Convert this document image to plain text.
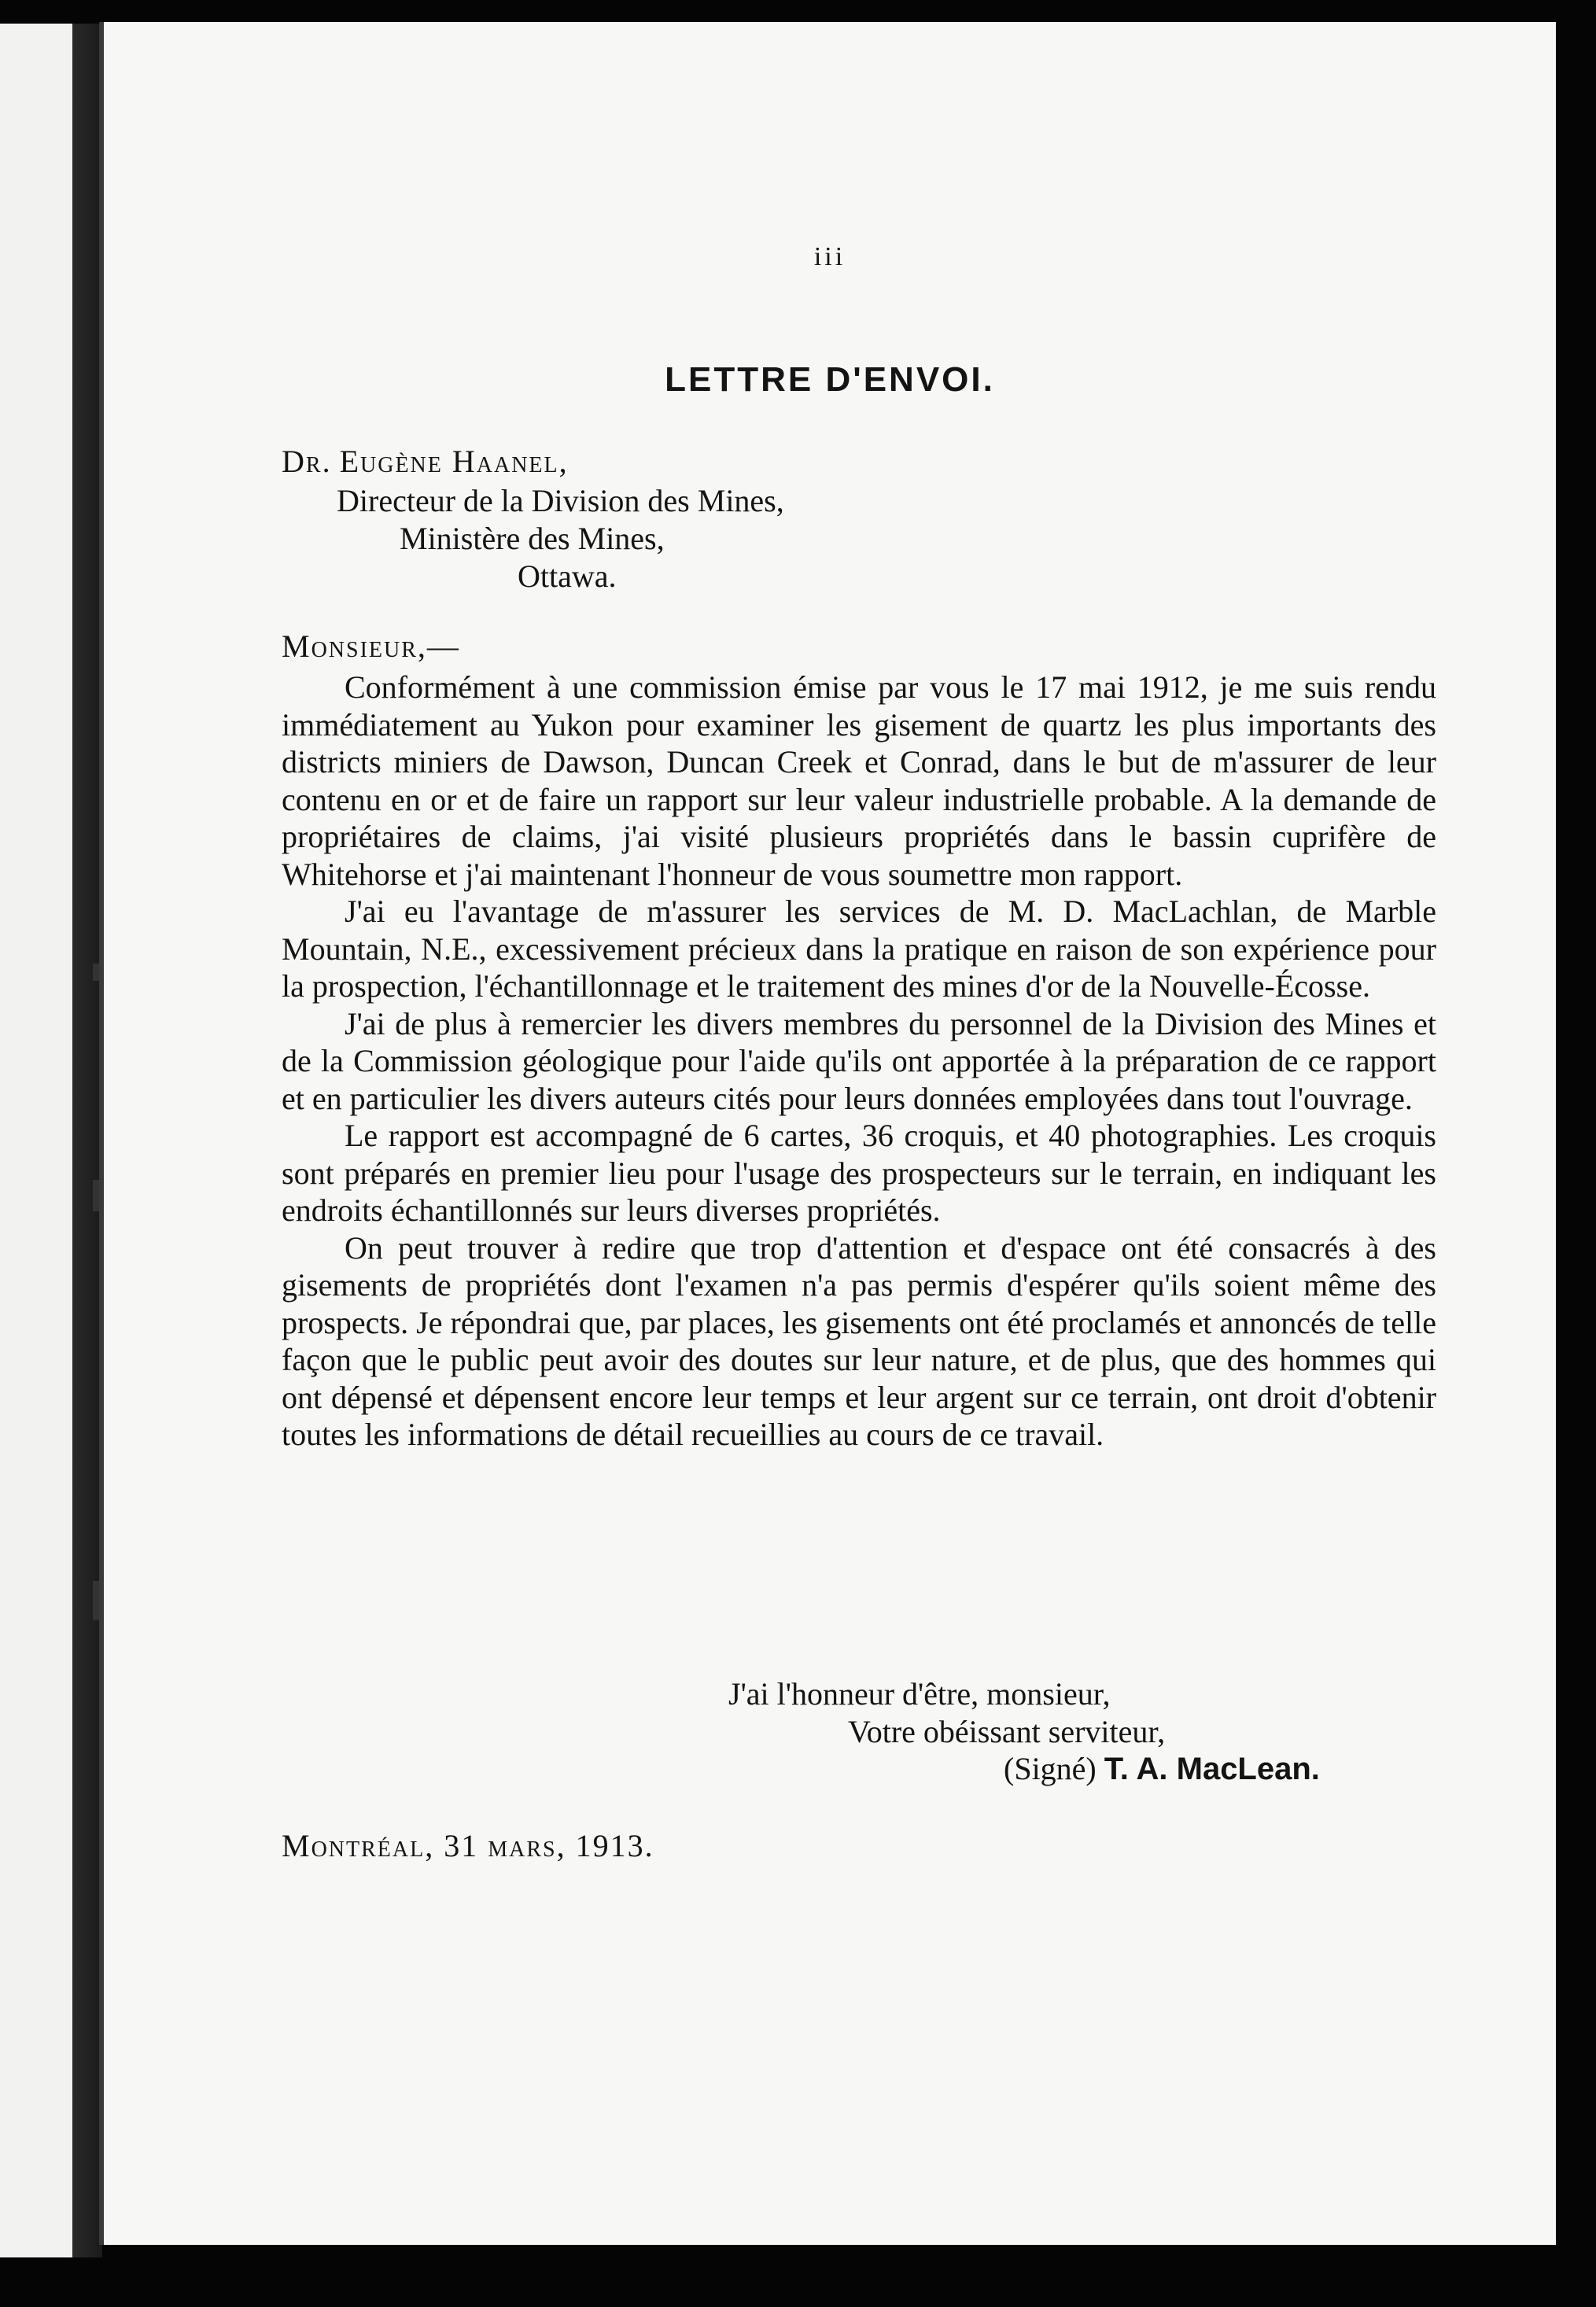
iii
LETTRE D'ENVOI.
Dr. Eugène Haanel,
Directeur de la Division des Mines,
Ministère des Mines,
Ottawa.
Monsieur,—

Conformément à une commission émise par vous le 17 mai 1912, je me suis rendu immédiatement au Yukon pour examiner les gisement de quartz les plus importants des districts miniers de Dawson, Duncan Creek et Conrad, dans le but de m'assurer de leur contenu en or et de faire un rapport sur leur valeur industrielle probable. A la demande de propriétaires de claims, j'ai visité plusieurs propriétés dans le bassin cuprifère de Whitehorse et j'ai maintenant l'honneur de vous soumettre mon rapport.

J'ai eu l'avantage de m'assurer les services de M. D. MacLachlan, de Marble Mountain, N.E., excessivement précieux dans la pratique en raison de son expérience pour la prospection, l'échantillonnage et le traitement des mines d'or de la Nouvelle-Écosse.

J'ai de plus à remercier les divers membres du personnel de la Division des Mines et de la Commission géologique pour l'aide qu'ils ont apportée à la préparation de ce rapport et en particulier les divers auteurs cités pour leurs données employées dans tout l'ouvrage.

Le rapport est accompagné de 6 cartes, 36 croquis, et 40 photographies. Les croquis sont préparés en premier lieu pour l'usage des prospecteurs sur le terrain, en indiquant les endroits échantillonnés sur leurs diverses propriétés.

On peut trouver à redire que trop d'attention et d'espace ont été consacrés à des gisements de propriétés dont l'examen n'a pas permis d'espérer qu'ils soient même des prospects. Je répondrai que, par places, les gisements ont été proclamés et annoncés de telle façon que le public peut avoir des doutes sur leur nature, et de plus, que des hommes qui ont dépensé et dépensent encore leur temps et leur argent sur ce terrain, ont droit d'obtenir toutes les informations de détail recueillies au cours de ce travail.

J'ai l'honneur d'être, monsieur,
Votre obéissant serviteur,
(Signé) T. A. MacLean.
Montréal, 31 mars, 1913.
